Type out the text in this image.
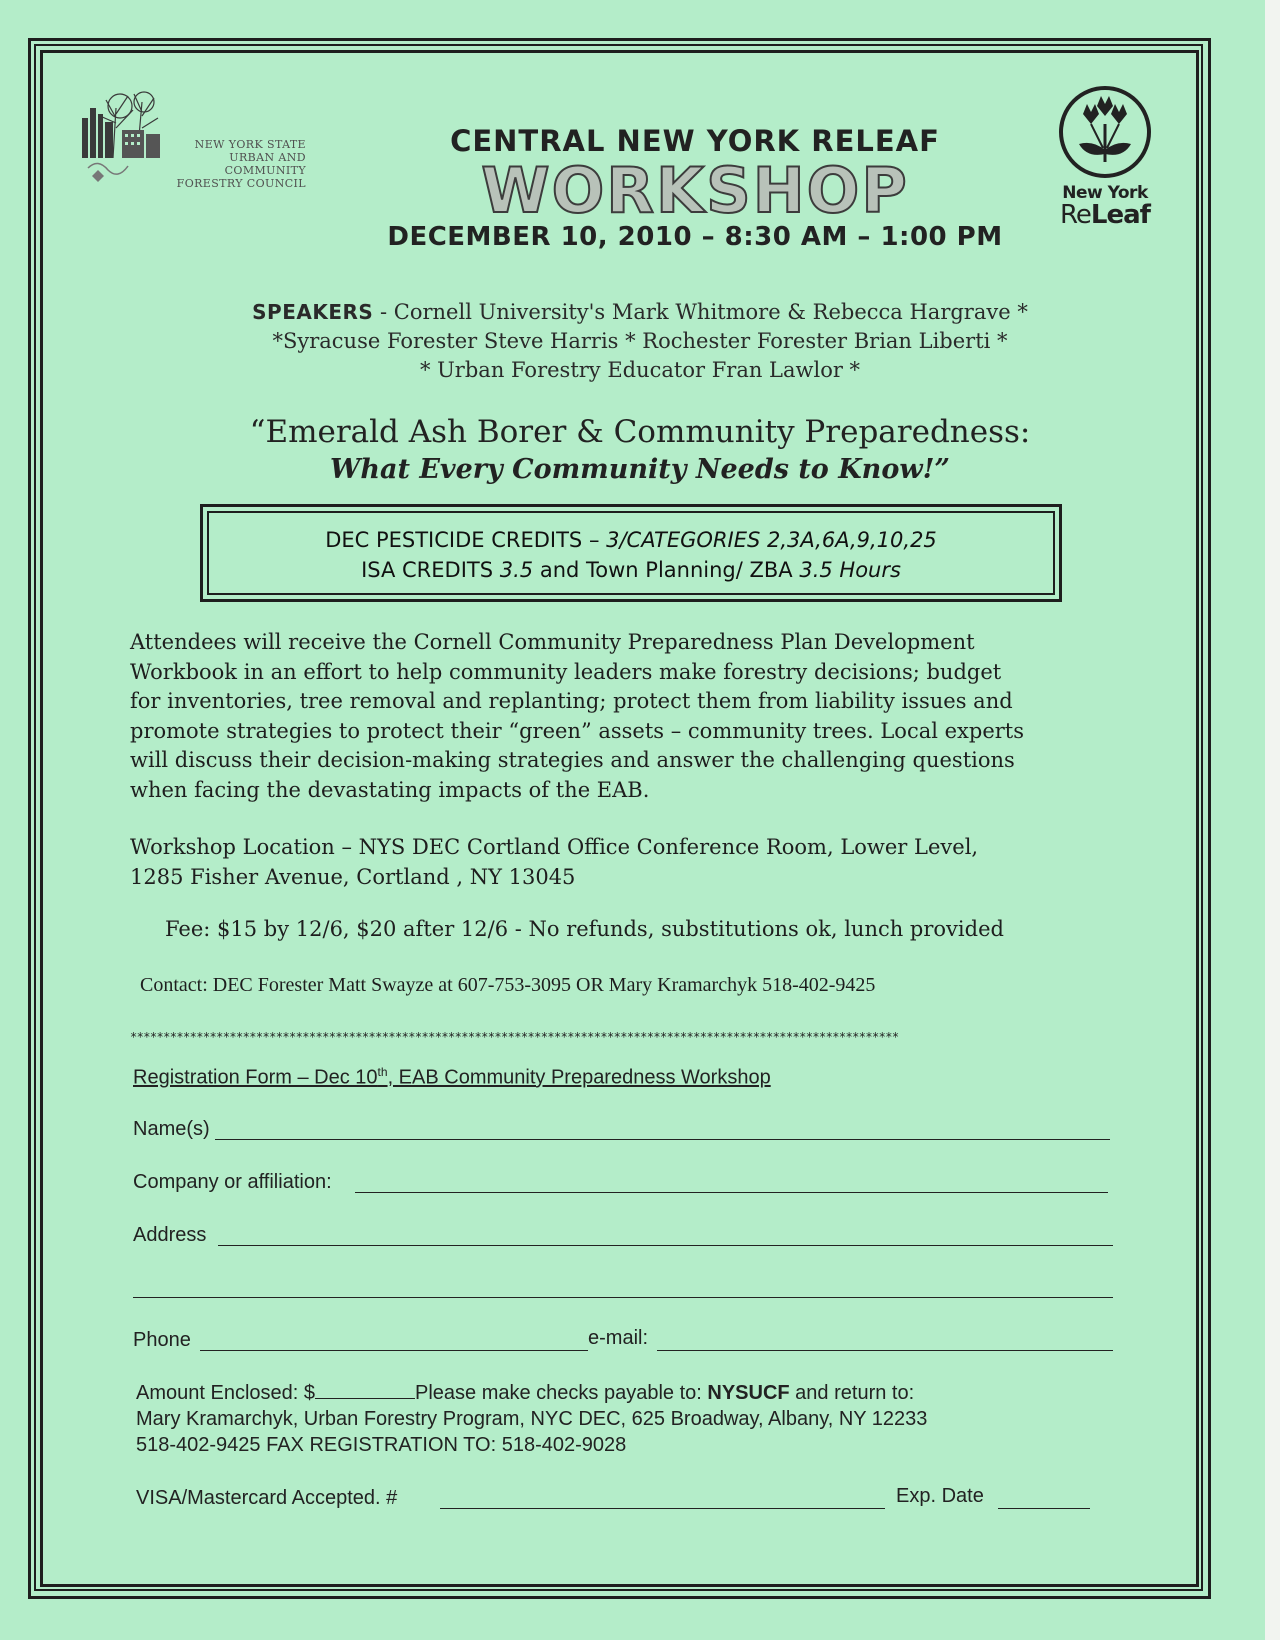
NEW YORK STATE
URBAN AND COMMUNITY
FORESTRY COUNCIL	New York
ReLeaf
CENTRAL NEW YORK RELEAF
WORKSHOP
DECEMBER 10, 2010 – 8:30 AM – 1:00 PM
SPEAKERS - Cornell University's Mark Whitmore & Rebecca Hargrave *
*Syracuse Forester Steve Harris * Rochester Forester Brian Liberti *
* Urban Forestry Educator Fran Lawlor *
“Emerald Ash Borer & Community Preparedness:
What Every Community Needs to Know!”
DEC PESTICIDE CREDITS – 3/CATEGORIES 2,3A,6A,9,10,25
ISA CREDITS 3.5 and Town Planning/ ZBA 3.5 Hours
Attendees will receive the Cornell Community Preparedness Plan Development
Workbook in an effort to help community leaders make forestry decisions; budget
for inventories, tree removal and replanting; protect them from liability issues and
promote strategies to protect their “green” assets – community trees. Local experts
will discuss their decision-making strategies and answer the challenging questions
when facing the devastating impacts of the EAB.
Workshop Location – NYS DEC Cortland Office Conference Room, Lower Level,
1285 Fisher Avenue, Cortland , NY 13045
Fee: $15 by 12/6, $20 after 12/6 - No refunds, substitutions ok, lunch provided
Contact: DEC Forester Matt Swayze at 607-753-3095 OR Mary Kramarchyk 518-402-9425
********************************************************************************************************************
Registration Form – Dec 10th, EAB Community Preparedness Workshop
Name(s)
Company or affiliation:
Address
Phone	e-mail:
Amount Enclosed: $	Please make checks payable to: NYSUCF and return to:
Mary Kramarchyk, Urban Forestry Program, NYC DEC, 625 Broadway, Albany, NY 12233
518-402-9425 FAX REGISTRATION TO: 518-402-9028
VISA/Mastercard Accepted. #	Exp. Date
